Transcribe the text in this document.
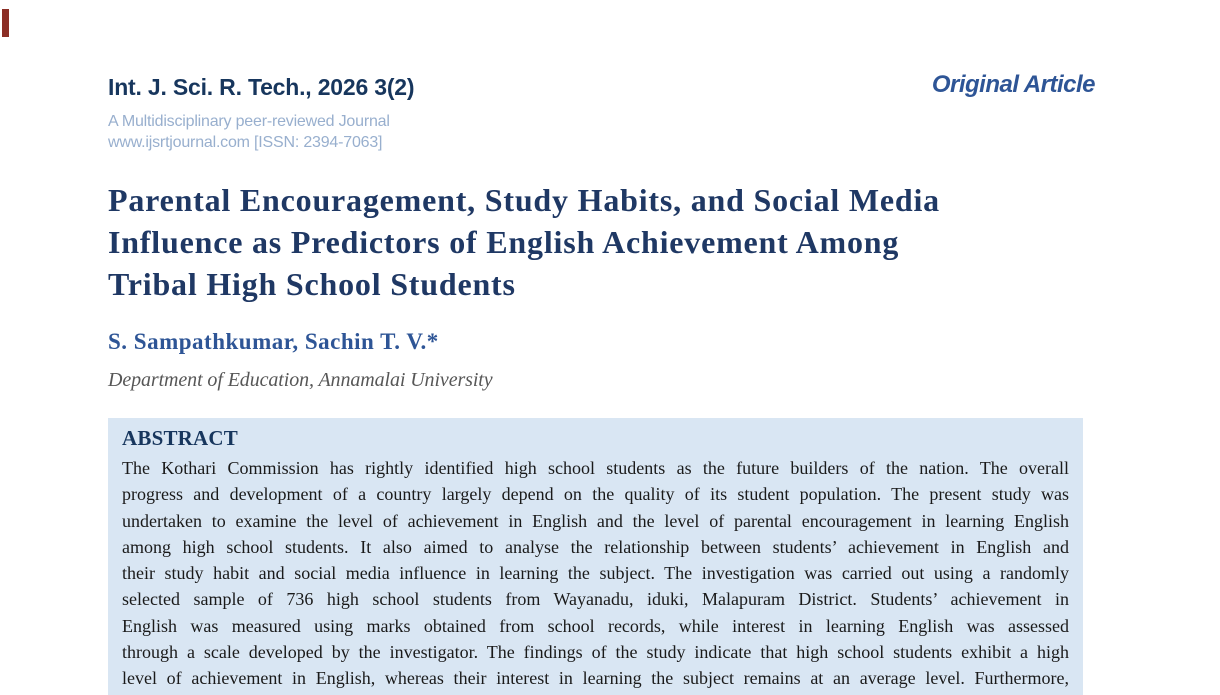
Int. J. Sci. R. Tech., 2026 3(2)
A Multidisciplinary peer-reviewed Journal
www.ijsrtjournal.com [ISSN: 2394-7063]
Original Article
Parental Encouragement, Study Habits, and Social Media
Influence as Predictors of English Achievement Among
Tribal High School Students
S. Sampathkumar, Sachin T. V.*
Department of Education, Annamalai University
ABSTRACT
The Kothari Commission has rightly identified high school students as the future builders of the nation. The overall
progress and development of a country largely depend on the quality of its student population. The present study was
undertaken to examine the level of achievement in English and the level of parental encouragement in learning English
among high school students. It also aimed to analyse the relationship between students’ achievement in English and
their study habit and social media influence in learning the subject. The investigation was carried out using a randomly
selected sample of 736 high school students from Wayanadu, iduki, Malapuram District. Students’ achievement in
English was measured using marks obtained from school records, while interest in learning English was assessed
through a scale developed by the investigator. The findings of the study indicate that high school students exhibit a high
level of achievement in English, whereas their interest in learning the subject remains at an average level. Furthermore,
